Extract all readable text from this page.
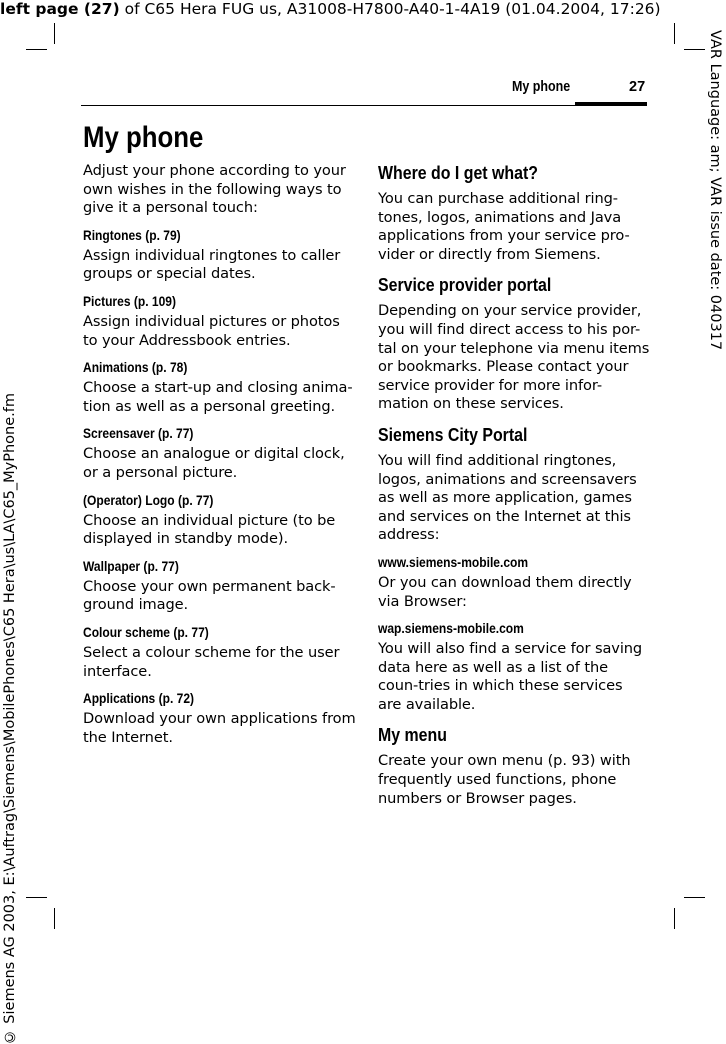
left page (27) of C65 Hera FUG us, A31008-H7800-A40-1-4A19 (01.04.2004, 17:26)
VAR Language: am; VAR issue date: 040317
© Siemens AG 2003, E:\Auftrag\Siemens\MobilePhones\C65 Hera\us\LA\C65_MyPhone.fm
My phone	27
My phone

Adjust your phone according to your own wishes in the following ways to give it a personal touch:

Ringtones (p. 79)

Assign individual ringtones to caller groups or special dates.

Pictures (p. 109)

Assign individual pictures or photos to your Addressbook entries.

Animations (p. 78)

Choose a start-up and closing anima-tion as well as a personal greeting.

Screensaver (p. 77)

Choose an analogue or digital clock, or a personal picture.

(Operator) Logo (p. 77)

Choose an individual picture (to be displayed in standby mode).

Wallpaper (p. 77)

Choose your own permanent back-ground image.

Colour scheme (p. 77)

Select a colour scheme for the user interface.

Applications (p. 72)

Download your own applications from the Internet.

Where do I get what?

You can purchase additional ring-tones, logos, animations and Java applications from your service pro-vider or directly from Siemens.

Service provider portal

Depending on your service provider, you will find direct access to his por-tal on your telephone via menu items or bookmarks. Please contact your service provider for more infor-mation on these services.

Siemens City Portal

You will find additional ringtones, logos, animations and screensavers as well as more application, games and services on the Internet at this address:

www.siemens-mobile.com

Or you can download them directly via Browser:

wap.siemens-mobile.com

You will also find a service for saving data here as well as a list of the coun-tries in which these services are available.

My menu

Create your own menu (p. 93) with frequently used functions, phone numbers or Browser pages.
